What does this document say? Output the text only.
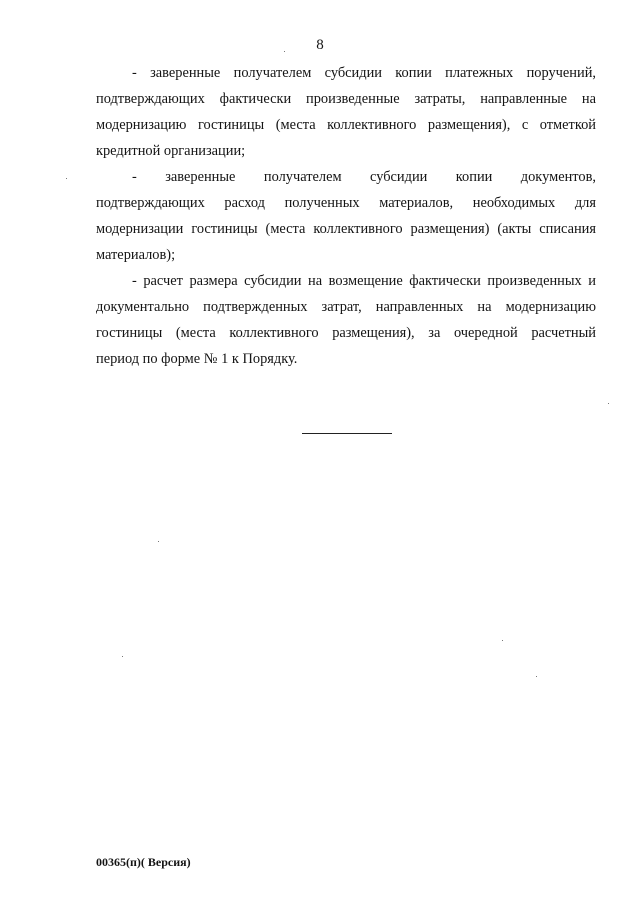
8
- заверенные получателем субсидии копии платежных поручений,
подтверждающих фактически произведенные затраты, направленные на
модернизацию гостиницы (места коллективного размещения), с отметкой
кредитной организации;
- заверенные получателем субсидии копии документов,
подтверждающих расход полученных материалов, необходимых для
модернизации гостиницы (места коллективного размещения) (акты списания
материалов);
- расчет размера субсидии на возмещение фактически произведенных и
документально подтвержденных затрат, направленных на модернизацию
гостиницы (места коллективного размещения), за очередной расчетный
период по форме № 1 к Порядку.
00365(п)( Версия)
